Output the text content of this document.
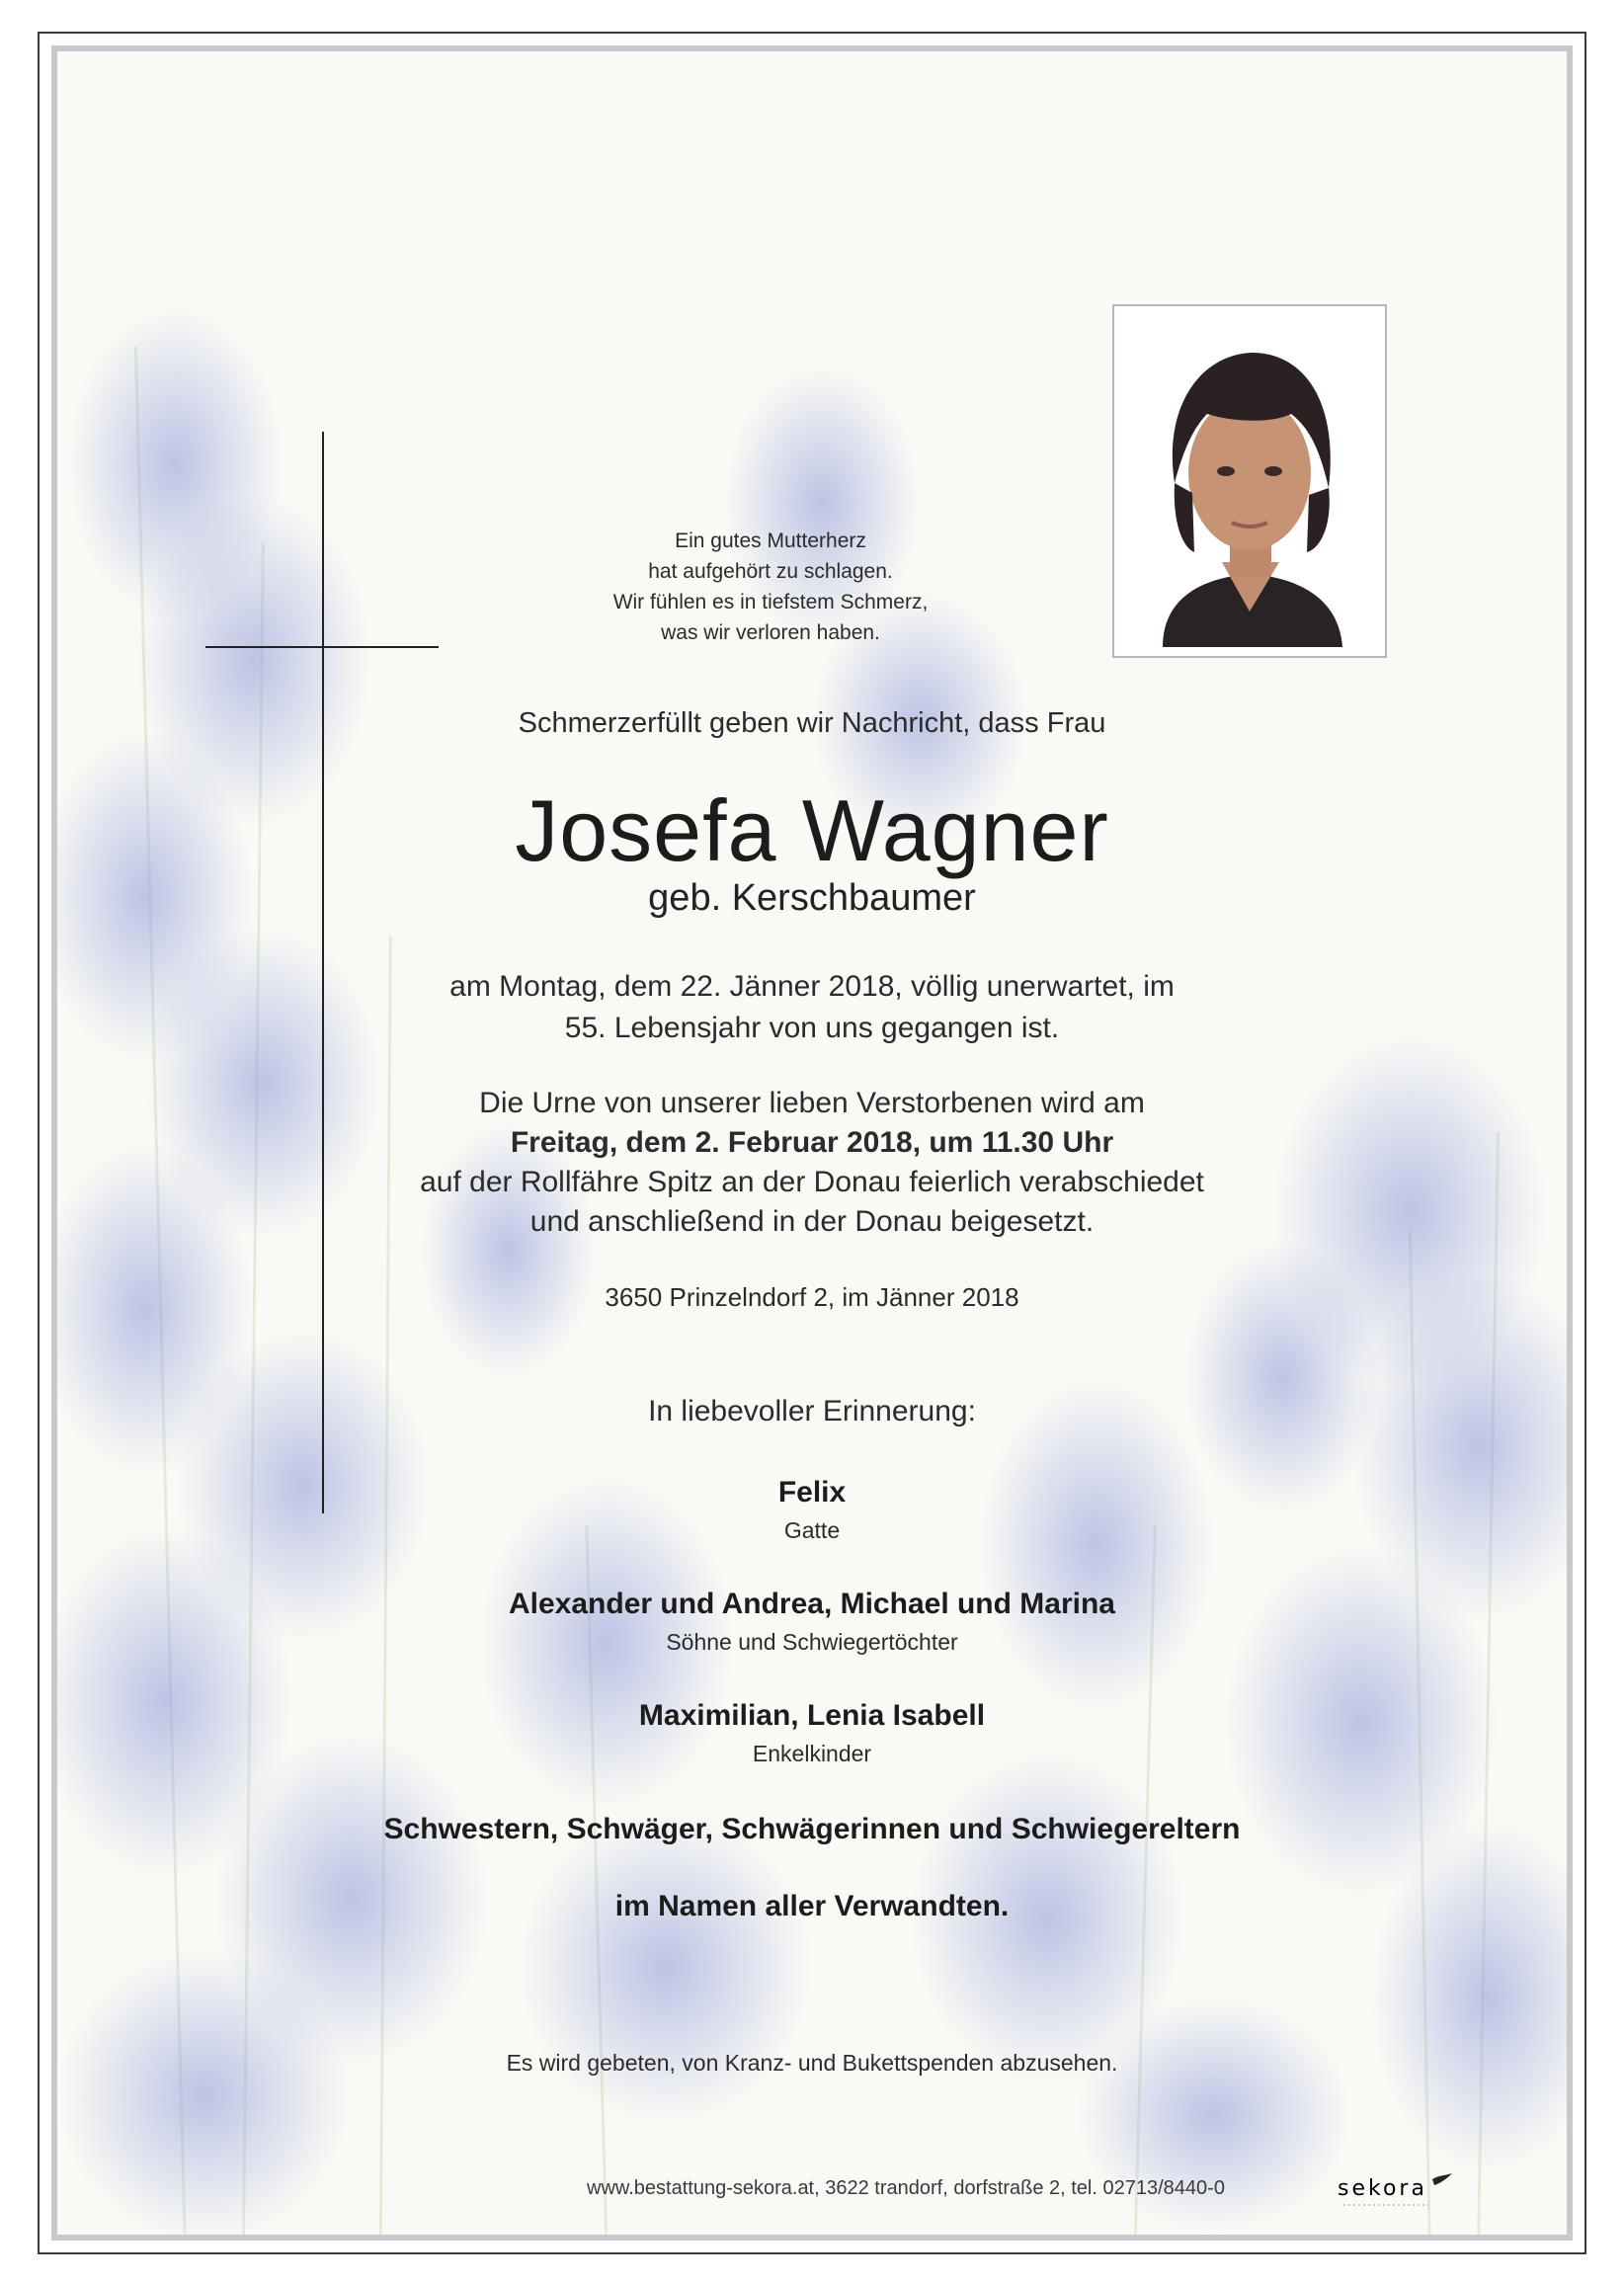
Ein gutes Mutterherz
hat aufgehört zu schlagen.
Wir fühlen es in tiefstem Schmerz,
was wir verloren haben.
Schmerzerfüllt geben wir Nachricht, dass Frau
Josefa Wagner
geb. Kerschbaumer
am Montag, dem 22. Jänner 2018, völlig unerwartet, im
55. Lebensjahr von uns gegangen ist.
Die Urne von unserer lieben Verstorbenen wird am
Freitag, dem 2. Februar 2018, um 11.30 Uhr
auf der Rollfähre Spitz an der Donau feierlich verabschiedet
und anschließend in der Donau beigesetzt.
3650 Prinzelndorf 2, im Jänner 2018
In liebevoller Erinnerung:
Felix
Gatte
Alexander und Andrea, Michael und Marina
Söhne und Schwiegertöchter
Maximilian, Lenia Isabell
Enkelkinder
Schwestern, Schwäger, Schwägerinnen und Schwiegereltern
im Namen aller Verwandten.
Es wird gebeten, von Kranz- und Bukettspenden abzusehen.
www.bestattung-sekora.at, 3622 trandorf, dorfstraße 2, tel. 02713/8440-0	sekora
